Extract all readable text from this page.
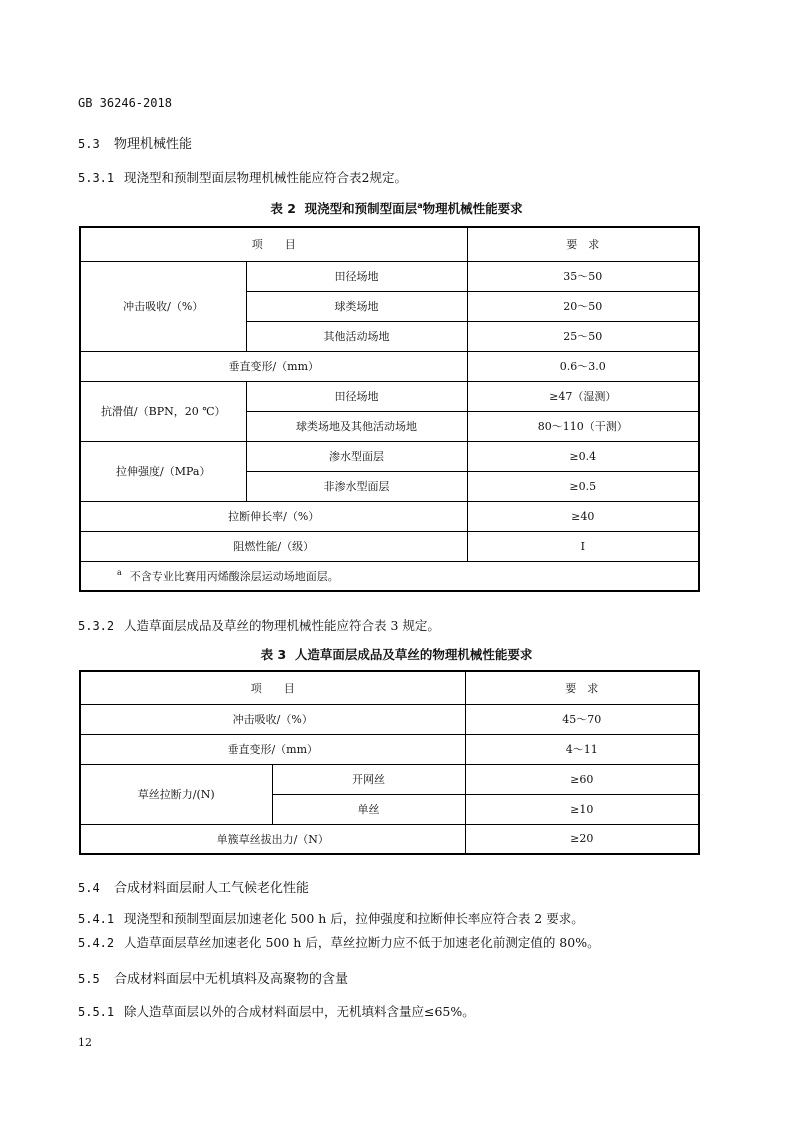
GB 36246-2018
5.3 物理机械性能
5.3.1 现浇型和预制型面层物理机械性能应符合表2规定。
表 2 现浇型和预制型面层$^a$物理机械性能要求
项　　目		要　求
冲击吸收/（%）	田径场地	35～50
	球类场地	20～50
	其他活动场地	25～50
垂直变形/（mm）		0.6～3.0
抗滑值/（BPN，20 ℃）	田径场地	≥47（湿测）
	球类场地及其他活动场地	80～110（干测）
拉伸强度/（MPa）	渗水型面层	≥0.4
	非渗水型面层	≥0.5
拉断伸长率/（%）		≥40
阻燃性能/（级）		Ⅰ
$^a$ 不含专业比赛用丙烯酸涂层运动场地面层。		
5.3.2 人造草面层成品及草丝的物理机械性能应符合表 3 规定。
表 3 人造草面层成品及草丝的物理机械性能要求
项　　目		要　求
冲击吸收/（%）		45～70
垂直变形/（mm）		4～11
草丝拉断力/(N)	开网丝	≥60
	单丝	≥10
单簇草丝拔出力/（N）		≥20
5.4 合成材料面层耐人工气候老化性能
5.4.1 现浇型和预制型面层加速老化 500 h 后，拉伸强度和拉断伸长率应符合表 2 要求。
5.4.2 人造草面层草丝加速老化 500 h 后，草丝拉断力应不低于加速老化前测定值的 80%。
5.5 合成材料面层中无机填料及高聚物的含量
5.5.1 除人造草面层以外的合成材料面层中，无机填料含量应≤65%。
12
